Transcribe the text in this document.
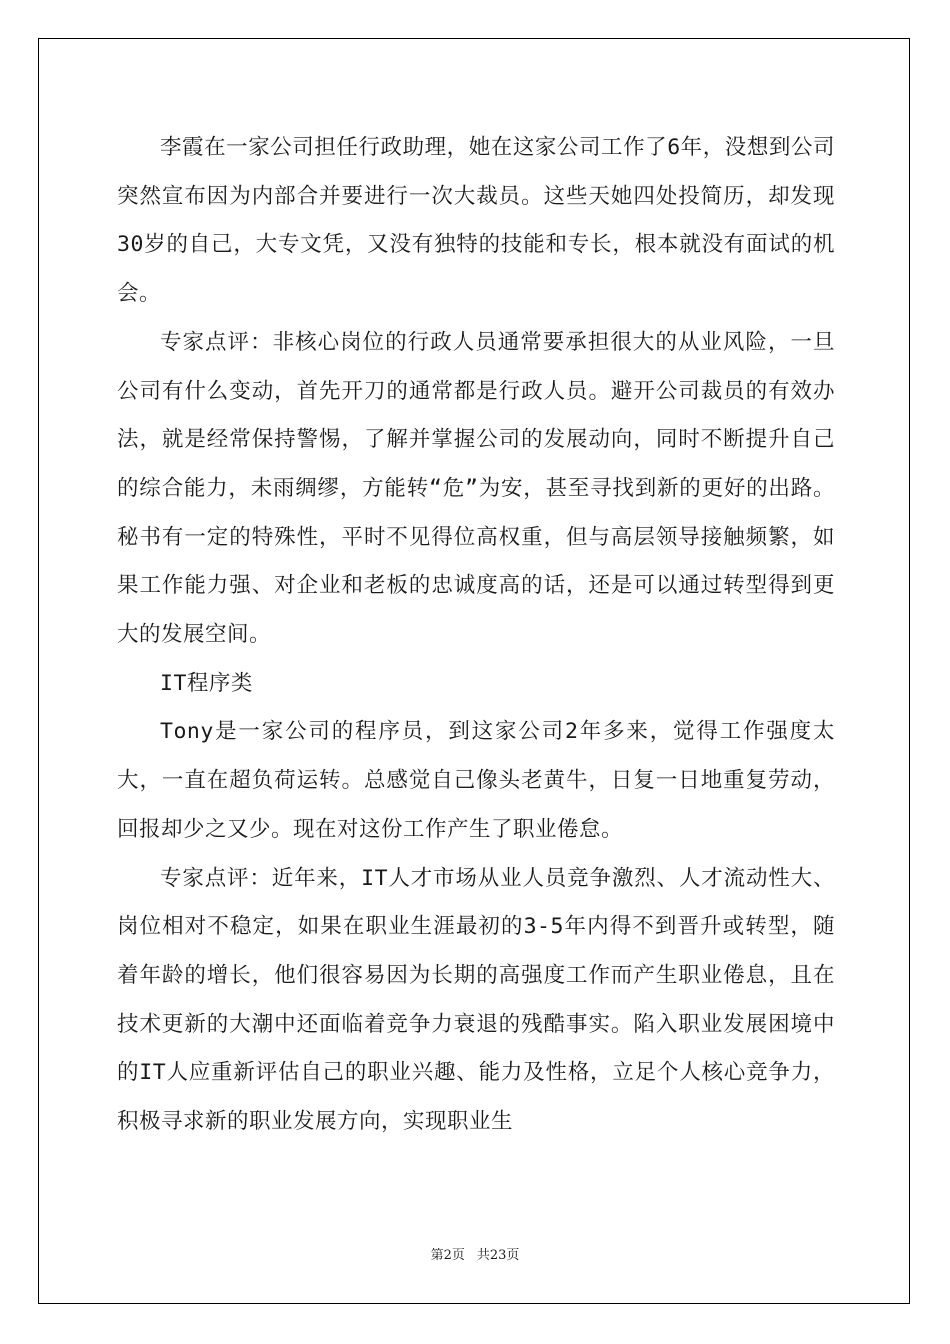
李霞在一家公司担任行政助理，她在这家公司工作了6年，没想到公司突然宣布因为内部合并要进行一次大裁员。这些天她四处投简历，却发现30岁的自己，大专文凭，又没有独特的技能和专长，根本就没有面试的机会。

专家点评：非核心岗位的行政人员通常要承担很大的从业风险，一旦公司有什么变动，首先开刀的通常都是行政人员。避开公司裁员的有效办法，就是经常保持警惕，了解并掌握公司的发展动向，同时不断提升自己的综合能力，未雨绸缪，方能转“危”为安，甚至寻找到新的更好的出路。秘书有一定的特殊性，平时不见得位高权重，但与高层领导接触频繁，如果工作能力强、对企业和老板的忠诚度高的话，还是可以通过转型得到更大的发展空间。

IT程序类

Tony是一家公司的程序员，到这家公司2年多来，觉得工作强度太大，一直在超负荷运转。总感觉自己像头老黄牛，日复一日地重复劳动，回报却少之又少。现在对这份工作产生了职业倦怠。

专家点评：近年来，IT人才市场从业人员竞争激烈、人才流动性大、岗位相对不稳定，如果在职业生涯最初的3-5年内得不到晋升或转型，随着年龄的增长，他们很容易因为长期的高强度工作而产生职业倦息，且在技术更新的大潮中还面临着竞争力衰退的残酷事实。陷入职业发展困境中的IT人应重新评估自己的职业兴趣、能力及性格，立足个人核心竞争力，积极寻求新的职业发展方向，实现职业生

第2页 共23页
